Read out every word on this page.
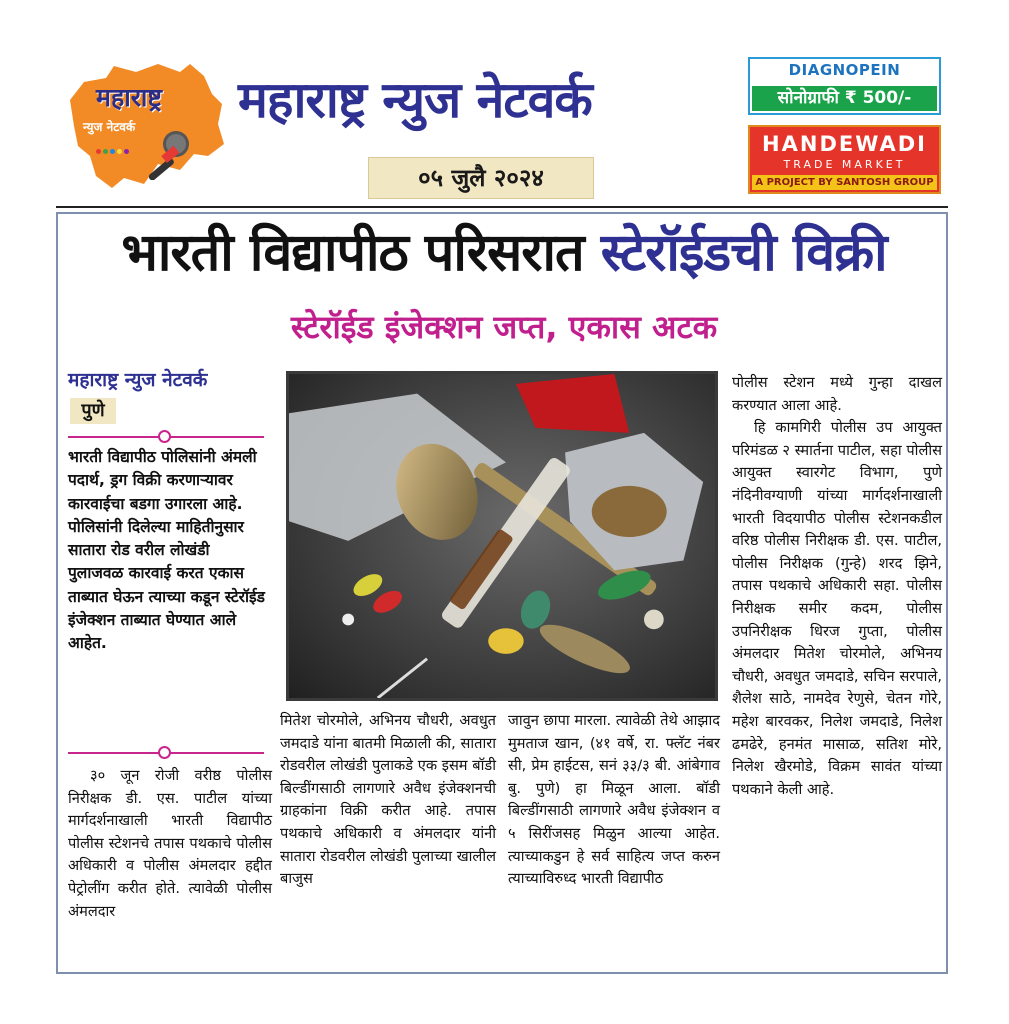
महाराष्ट्र
न्युज नेटवर्क महाराष्ट्र न्युज नेटवर्क
०५ जुलै २०२४
DIAGNOPEIN
सोनोग्राफी ₹ 500/-
HANDEWADI
TRADE MARKET
A PROJECT BY SANTOSH GROUP
भारती विद्यापीठ परिसरात स्टेरॉईडची विक्री
स्टेरॉईड इंजेक्शन जप्त, एकास अटक
महाराष्ट्र न्युज नेटवर्क
पुणे
भारती विद्यापीठ पोलिसांनी अंमली पदार्थ, ड्रग विक्री करणाऱ्यावर कारवाईचा बडगा उगारला आहे. पोलिसांनी दिलेल्या माहितीनुसार सातारा रोड वरील लोखंडी पुलाजवळ कारवाई करत एकास ताब्यात घेऊन त्याच्या कडून स्टेरॉईड इंजेक्शन ताब्यात घेण्यात आले आहेत.
३० जून रोजी वरीष्ठ पोलीस निरीक्षक डी. एस. पाटील यांच्या मार्गदर्शनाखाली भारती विद्यापीठ पोलीस स्टेशनचे तपास पथकाचे पोलीस अधिकारी व पोलीस अंमलदार हद्दीत पेट्रोलींग करीत होते. त्यावेळी पोलीस अंमलदार
मितेश चोरमोले, अभिनय चौधरी, अवधुत जमदाडे यांना बातमी मिळाली की, सातारा रोडवरील लोखंडी पुलाकडे एक इसम बॉडी बिल्डींगसाठी लागणारे अवैध इंजेक्शनची ग्राहकांना विक्री करीत आहे. तपास पथकाचे अधिकारी व अंमलदार यांनी सातारा रोडवरील लोखंडी पुलाच्या खालील बाजुस
जावुन छापा मारला. त्यावेळी तेथे आझाद मुमताज खान, (४१ वर्षे, रा. फ्लॅट नंबर सी, प्रेम हाईटस, सनं ३३/३ बी. आंबेगाव बु. पुणे) हा मिळून आला. बॉडी बिल्डींगसाठी लागणारे अवैध इंजेक्शन व ५ सिरींजसह मिळुन आल्या आहेत. त्याच्याकडुन हे सर्व साहित्य जप्त करुन त्याच्याविरुध्द भारती विद्यापीठ
पोलीस स्टेशन मध्ये गुन्हा दाखल करण्यात आला आहे.
हि कामगिरी पोलीस उप आयुक्त परिमंडळ २ स्मार्तना पाटील, सहा पोलीस आयुक्त स्वारगेट विभाग, पुणे नंदिनीवग्याणी यांच्या मार्गदर्शनाखाली भारती विदयापीठ पोलीस स्टेशनकडील वरिष्ठ पोलीस निरीक्षक डी. एस. पाटील, पोलीस निरीक्षक (गुन्हे) शरद झिने, तपास पथकाचे अधिकारी सहा. पोलीस निरीक्षक समीर कदम, पोलीस उपनिरीक्षक धिरज गुप्ता, पोलीस अंमलदार मितेश चोरमोले, अभिनय चौधरी, अवधुत जमदाडे, सचिन सरपाले, शैलेश साठे, नामदेव रेणुसे, चेतन गोरे, महेश बारवकर, निलेश जमदाडे, निलेश ढमढेरे, हनमंत मासाळ, सतिश मोरे, निलेश खैरमोडे, विक्रम सावंत यांच्या पथकाने केली आहे.
